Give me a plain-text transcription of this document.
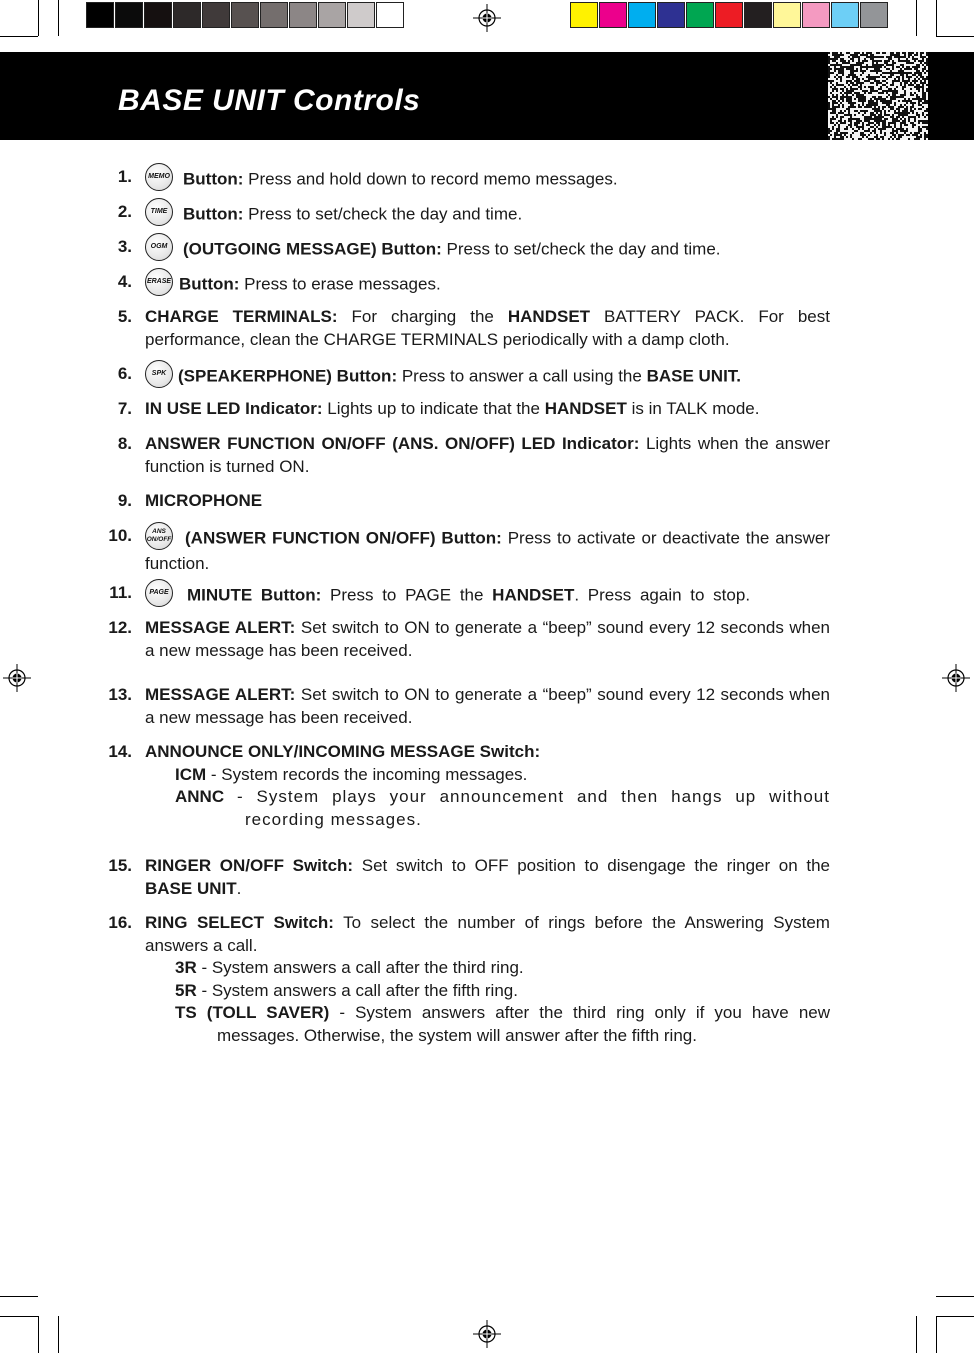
BASE UNIT Controls
1.	MEMO Button: Press and hold down to record memo messages.

2.	TIME Button: Press to set/check the day and time.

3.	OGM (OUTGOING MESSAGE) Button: Press to set/check the day and time.

4. ERASE Button: Press to erase messages.

5. CHARGE TERMINALS: For charging the HANDSET BATTERY PACK. For best performance, clean the CHARGE TERMINALS periodically with a damp cloth.

6.	SPK (SPEAKERPHONE) Button: Press to answer a call using the BASE UNIT.

7. IN USE LED Indicator: Lights up to indicate that the HANDSET is in TALK mode.

8. ANSWER FUNCTION ON/OFF (ANS. ON/OFF) LED Indicator: Lights when the answer function is turned ON.

9. MICROPHONE

10.	ANS
ON/OFF (ANSWER FUNCTION ON/OFF) Button: Press to activate or deactivate the answer function.

11.	PAGE MINUTE Button: Press to PAGE the HANDSET. Press again to stop.

12. MESSAGE ALERT: Set switch to ON to generate a “beep” sound every 12 seconds when a new message has been received.

13. MESSAGE ALERT: Set switch to ON to generate a “beep” sound every 12 seconds when a new message has been received.

14. ANNOUNCE ONLY/INCOMING MESSAGE Switch:

ICM - System records the incoming messages.

ANNC - System plays your announcement and then hangs up without recording messages.

15. RINGER ON/OFF Switch: Set switch to OFF position to disengage the ringer on the BASE UNIT.

16. RING SELECT Switch: To select the number of rings before the Answering System answers a call.

3R - System answers a call after the third ring.

5R - System answers a call after the fifth ring.

TS (TOLL SAVER) - System answers after the third ring only if you have new messages. Otherwise, the system will answer after the fifth ring.
